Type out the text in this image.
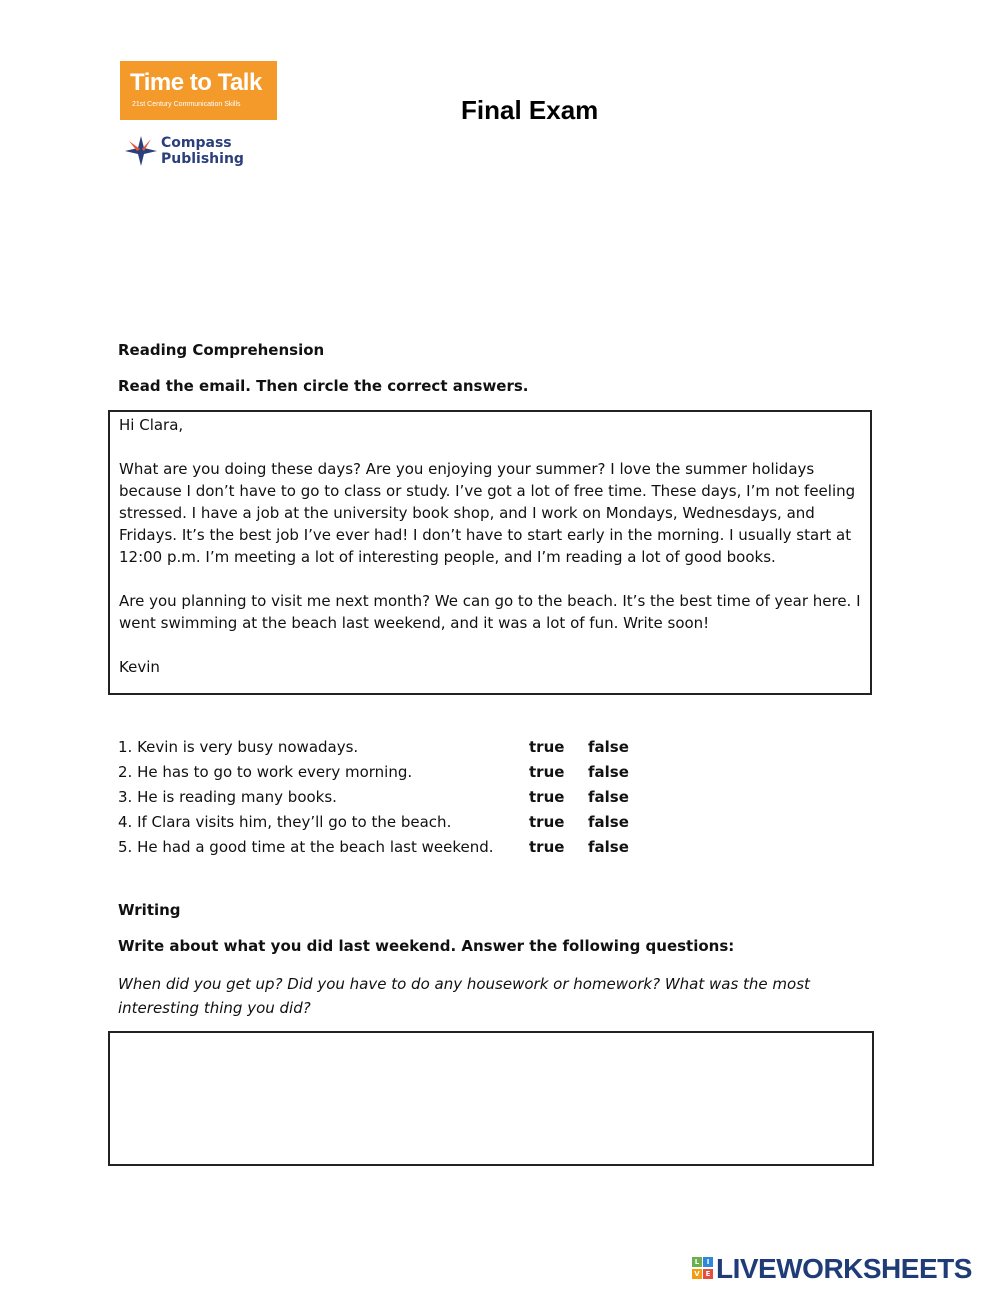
Time to Talk
21st Century Communication Skills
Compass
Publishing
Final Exam
Reading Comprehension
Read the email. Then circle the correct answers.

Hi Clara,

What are you doing these days? Are you enjoying your summer? I love the summer holidays because I don’t have to go to class or study. I’ve got a lot of free time. These days, I’m not feeling stressed. I have a job at the university book shop, and I work on Mondays, Wednesdays, and Fridays. It’s the best job I’ve ever had! I don’t have to start early in the morning. I usually start at 12:00 p.m. I’m meeting a lot of interesting people, and I’m reading a lot of good books.

Are you planning to visit me next month? We can go to the beach. It’s the best time of year here. I went swimming at the beach last weekend, and it was a lot of fun. Write soon!

Kevin

1. Kevin is very busy nowadays.	true false
2. He has to go to work every morning.	true false
3. He is reading many books.	true false
4. If Clara visits him, they’ll go to the beach.	true false
5. He had a good time at the beach last weekend. true false
Writing
Write about what you did last weekend. Answer the following questions:
When did you get up? Did you have to do any housework or homework? What was the most interesting thing you did?
L	I
V E LIVEWORKSHEETS
